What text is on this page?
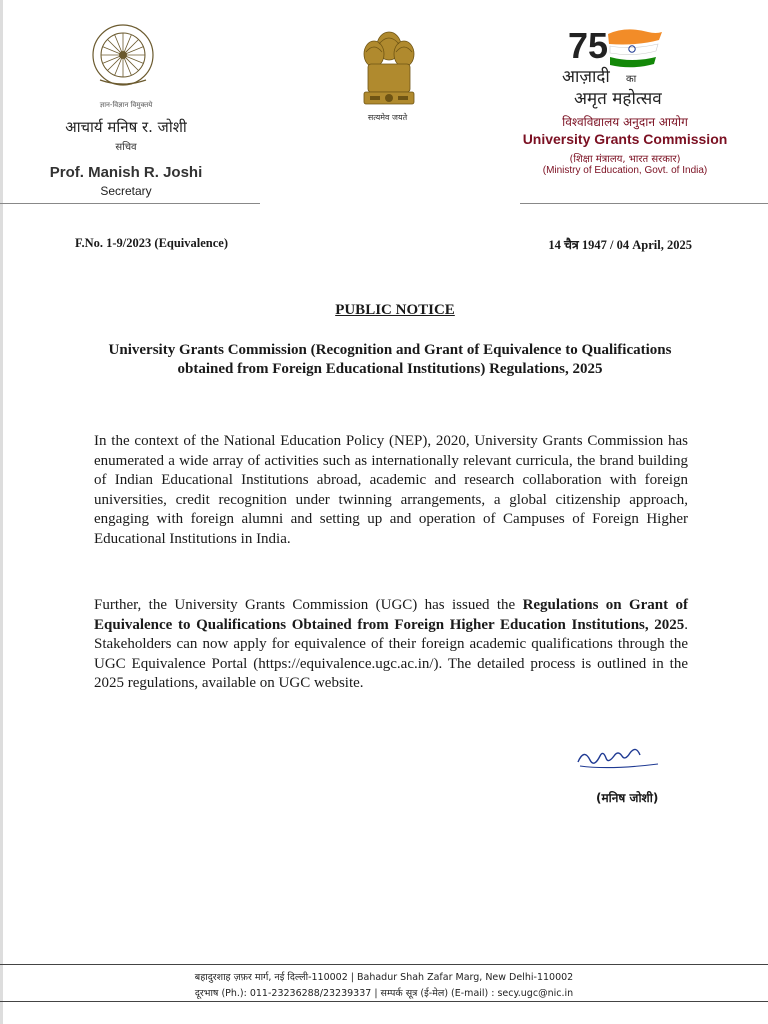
ज्ञान-विज्ञान विमुक्तये
आचार्य मनिष र. जोशी
सचिव
Prof. Manish R. Joshi
Secretary
सत्यमेव जयते
75
आज़ादी का
अमृत महोत्सव
विश्वविद्यालय अनुदान आयोग
University Grants Commission
(शिक्षा मंत्रालय, भारत सरकार)
(Ministry of Education, Govt. of India)
F.No. 1-9/2023 (Equivalence)	14 चैत्र 1947 / 04 April, 2025
PUBLIC NOTICE
University Grants Commission (Recognition and Grant of Equivalence to Qualifications obtained from Foreign Educational Institutions) Regulations, 2025
In the context of the National Education Policy (NEP), 2020, University Grants Commission has enumerated a wide array of activities such as internationally relevant curricula, the brand building of Indian Educational Institutions abroad, academic and research collaboration with foreign universities, credit recognition under twinning arrangements, a global citizenship approach, engaging with foreign alumni and setting up and operation of Campuses of Foreign Higher Educational Institutions in India.
Further, the University Grants Commission (UGC) has issued the Regulations on Grant of Equivalence to Qualifications Obtained from Foreign Higher Education Institutions, 2025. Stakeholders can now apply for equivalence of their foreign academic qualifications through the UGC Equivalence Portal (https://equivalence.ugc.ac.in/). The detailed process is outlined in the 2025 regulations, available on UGC website.
(मनिष जोशी)
बहादुरशाह ज़फ़र मार्ग, नई दिल्ली-110002 | Bahadur Shah Zafar Marg, New Delhi-110002
दूरभाष (Ph.): 011-23236288/23239337 | सम्पर्क सूत्र (ई-मेल) (E-mail) : secy.ugc@nic.in
